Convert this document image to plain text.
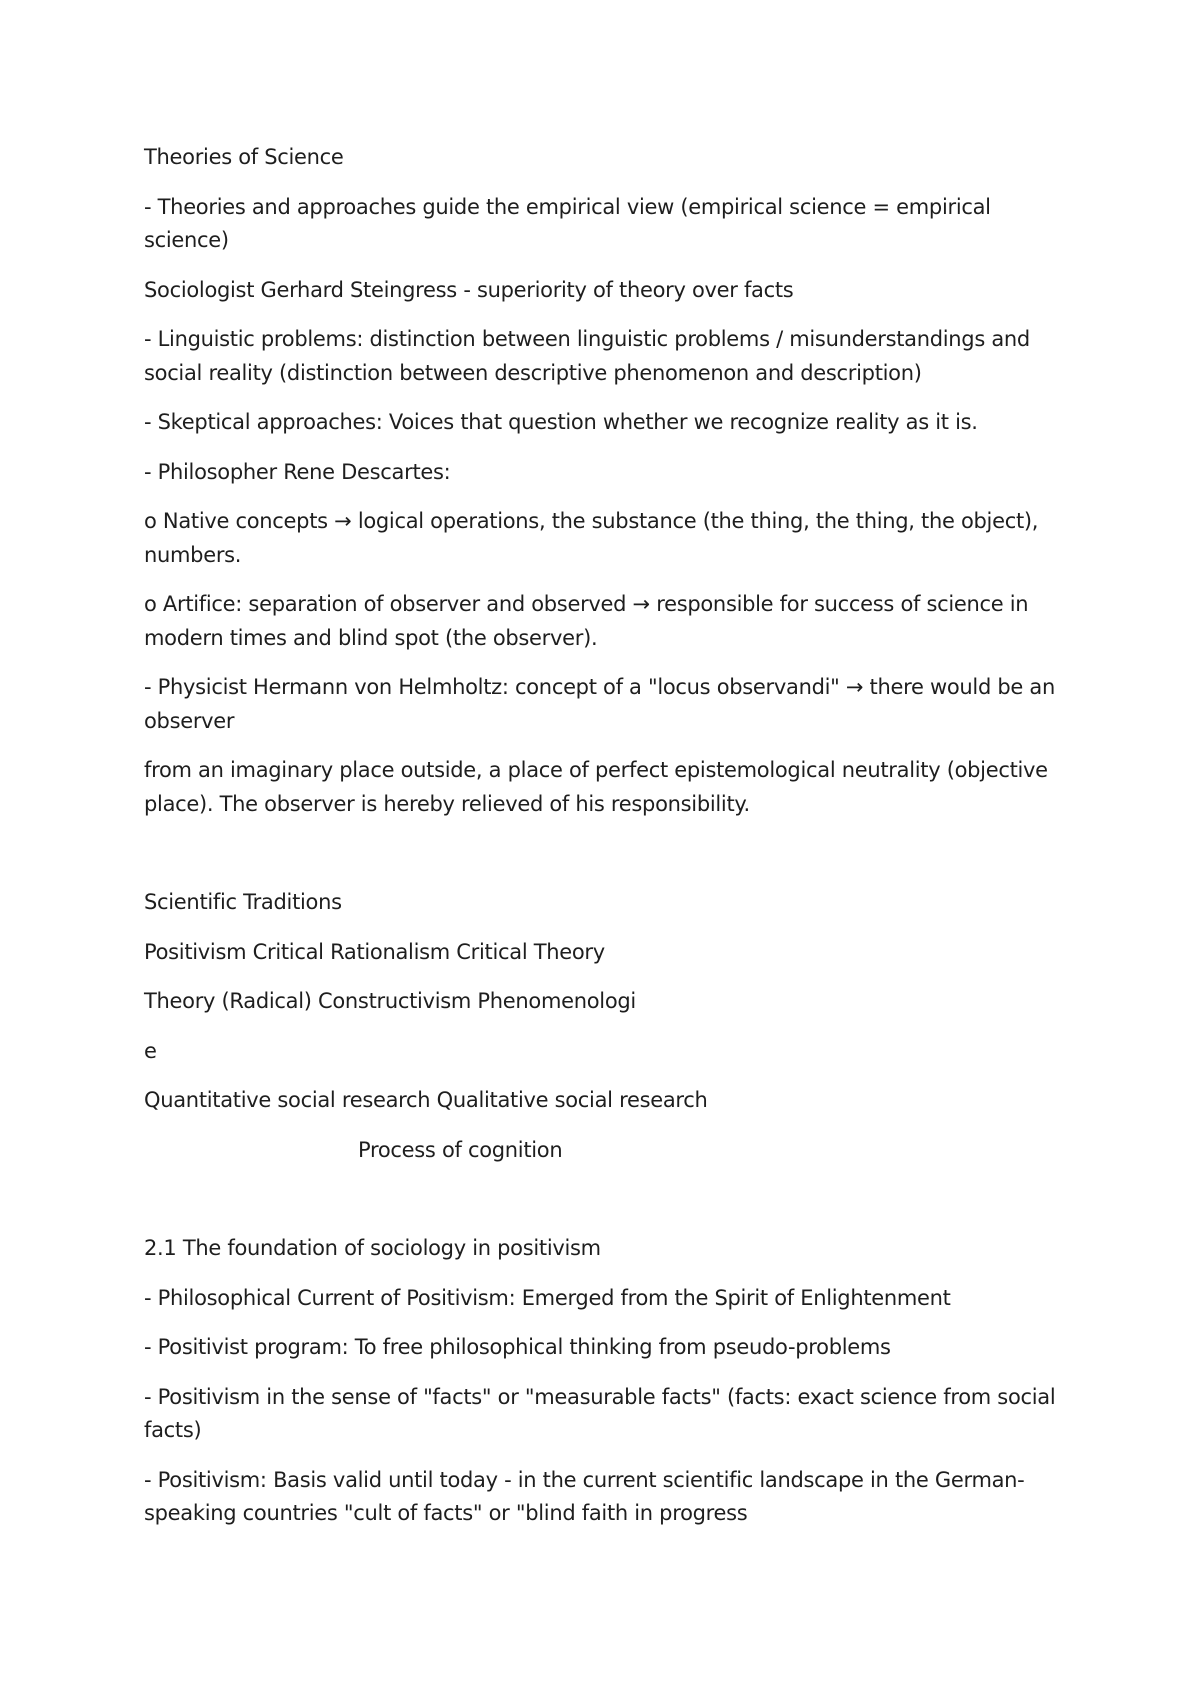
Theories of Science

- Theories and approaches guide the empirical view (empirical science = empirical science)

Sociologist Gerhard Steingress - superiority of theory over facts

- Linguistic problems: distinction between linguistic problems / misunderstandings and social reality (distinction between descriptive phenomenon and description)

- Skeptical approaches: Voices that question whether we recognize reality as it is.

- Philosopher Rene Descartes:

o Native concepts → logical operations, the substance (the thing, the thing, the object), numbers.

o Artifice: separation of observer and observed → responsible for success of science in modern times and blind spot (the observer).

- Physicist Hermann von Helmholtz: concept of a "locus observandi" → there would be an observer

from an imaginary place outside, a place of perfect epistemological neutrality (objective place). The observer is hereby relieved of his responsibility.

Scientific Traditions

Positivism Critical Rationalism Critical Theory

Theory (Radical) Constructivism Phenomenologi

e

Quantitative social research Qualitative social research

Process of cognition

2.1 The foundation of sociology in positivism

- Philosophical Current of Positivism: Emerged from the Spirit of Enlightenment

- Positivist program: To free philosophical thinking from pseudo-problems

- Positivism in the sense of "facts" or "measurable facts" (facts: exact science from social facts)

- Positivism: Basis valid until today - in the current scientific landscape in the German-speaking countries "cult of facts" or "blind faith in progress
